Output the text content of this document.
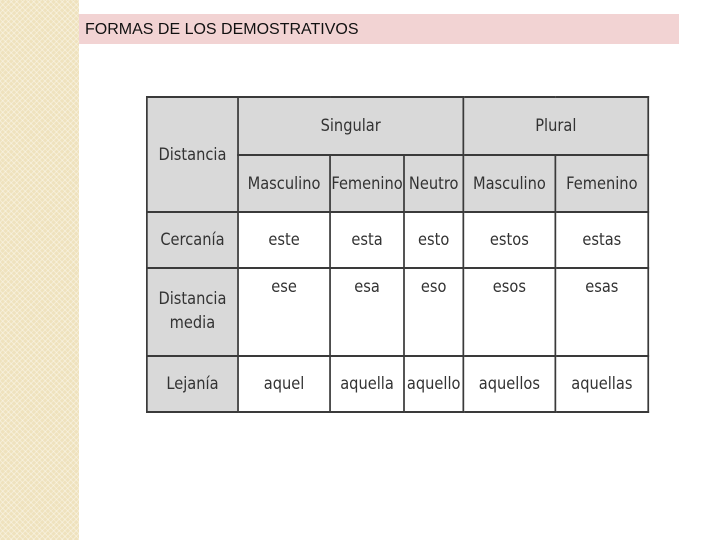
FORMAS DE LOS DEMOSTRATIVOS
Distancia	Singular			Plural	
	Masculino	Femenino	Neutro	Masculino	Femenino
Cercanía	este	esta	esto	estos	estas
Distancia media	ese	esa	eso	esos	esas
Lejanía	aquel	aquella	aquello	aquellos	aquellas
